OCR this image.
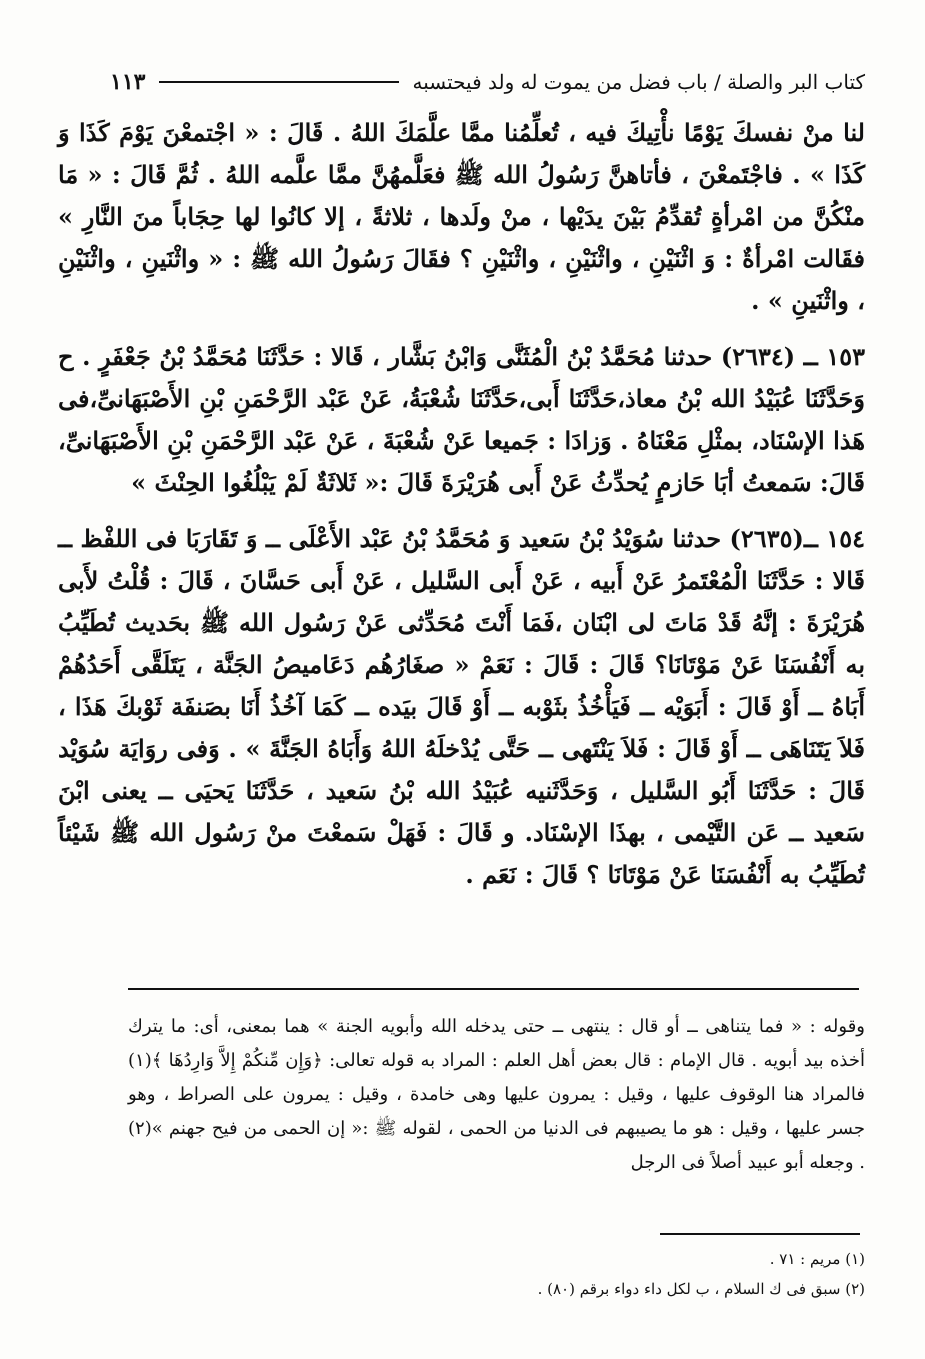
كتاب البر والصلة / باب فضل من يموت له ولد فيحتسبه
١١٣

لنا منْ نفسكَ يَوْمًا نأْتِيكَ فيه ، تُعلِّمُنا ممَّا علَّمَكَ اللهُ . قَالَ : « اجْتمعْنَ يَوْمَ كَذَا وَ كَذَا » . فاجْتَمعْنَ ، فأتاهنَّ رَسُولُ الله ﷺ فعَلَّمهُنَّ ممَّا علَّمه اللهُ . ثُمَّ قَالَ : « مَا منْكُنَّ من امْرأةٍ تُقدِّمُ بَيْنَ يدَيْها ، منْ ولَدها ، ثلاثةً ، إلا كانُوا لها حِجَاباً منَ النَّارِ » فقَالت امْرأةٌ : وَ اثْنَيْنِ ، واثْنَيْنِ ، واثْنَيْنِ ؟ فقَالَ رَسُولُ الله ﷺ : « واثْنَينِ ، واثْنَيْنِ ، واثْنَينِ » .

١٥٣ ــ (٢٦٣٤) حدثنا مُحَمَّدُ بْنُ الْمُثَنَّى وَابْنُ بَشَّار ، قَالا : حَدَّثَنَا مُحَمَّدُ بْنُ جَعْفَرٍ . ح وَحَدَّثَنَا عُبَيْدُ الله بْنُ معاذ،حَدَّثَنَا أَبى،حَدَّثَنَا شُعْبَةُ، عَنْ عَبْد الرَّحْمَنِ بْنِ الأَصْبَهَانىِّ،فى هَذا الإسْنَاد، بمثْلِ مَعْنَاهُ . وَزادَا : جَميعا عَنْ شُعْبَةَ ، عَنْ عَبْد الرَّحْمَنِ بْنِ الأَصْبَهَانىِّ، قَالَ: سَمعتُ أبَا حَازمٍ يُحدِّثُ عَنْ أَبى هُرَيْرَةَ قَالَ :« ثَلاثَةٌ لَمْ يَبْلُغُوا الحِنْثَ »

١٥٤ ــ(٢٦٣٥) حدثنا سُوَيْدُ بْنُ سَعيد وَ مُحَمَّدُ بْنُ عَبْد الأَعْلَى ــ وَ تَقَارَبَا فى اللفْظ ــ قَالا : حَدَّثَنَا الْمُعْتَمرُ عَنْ أَبيه ، عَنْ أَبى السَّليل ، عَنْ أَبى حَسَّانَ ، قَالَ : قُلْتُ لأَبى هُرَيْرَةَ : إنَّهُ قَدْ مَاتَ لى ابْنَان ،فَمَا أَنْتَ مُحَدِّثى عَنْ رَسُول الله ﷺ بحَديث تُطَيِّبُ به أَنْفُسَنَا عَنْ مَوْتَانَا؟ قَالَ : قَالَ : نَعَمْ « صغَارُهُم دَعَاميصُ الجَنَّة ، يَتَلَقَّى أَحَدُهُمْ أَبَاهُ ــ أَوْ قَالَ : أَبَوَيْه ــ فَيَأْخُذُ بثَوْبه ــ أَوْ قَالَ بيَده ــ كَمَا آخُذُ أَنَا بصَنفَة ثَوْبكَ هَذَا ، فَلاَ يَتَنَاهَى ــ أَوْ قَالَ : فَلاَ يَنْتَهى ــ حَتَّى يُدْخلَهُ اللهُ وَأَبَاهُ الجَنَّةَ » . وَفى روَايَة سُوَيْد قَالَ : حَدَّثَنَا أَبُو السَّليل ، وَحَدَّثَنيه عُبَيْدُ الله بْنُ سَعيد ، حَدَّثَنَا يَحيَى ــ يعنى ابْنَ سَعيد ــ عَن التَّيْمى ، بهذَا الإسْنَاد. و قَالَ : فَهَلْ سَمعْتَ منْ رَسُول الله ﷺ شَيْئاً تُطَيِّبُ به أَنْفُسَنَا عَنْ مَوْتَانَا ؟ قَالَ : نَعَم .

وقوله : « فما يتناهى ــ أو قال : ينتهى ــ حتى يدخله الله وأبويه الجنة » هما بمعنى، أى: ما يترك أخذه بيد أبويه . قال الإمام : قال بعض أهل العلم : المراد به قوله تعالى: ﴿وَإِن مِّنكُمْ إِلاَّ وَارِدُهَا ﴾(١) فالمراد هنا الوقوف عليها ، وقيل : يمرون عليها وهى خامدة ، وقيل : يمرون على الصراط ، وهو جسر عليها ، وقيل : هو ما يصيبهم فى الدنيا من الحمى ، لقوله ﷺ :« إن الحمى من فيح جهنم »(٢) . وجعله أبو عبيد أصلاً فى الرجل

(١) مريم : ٧١ .

(٢) سبق فى ك السلام ، ب لكل داء دواء برقم (٨٠) .
